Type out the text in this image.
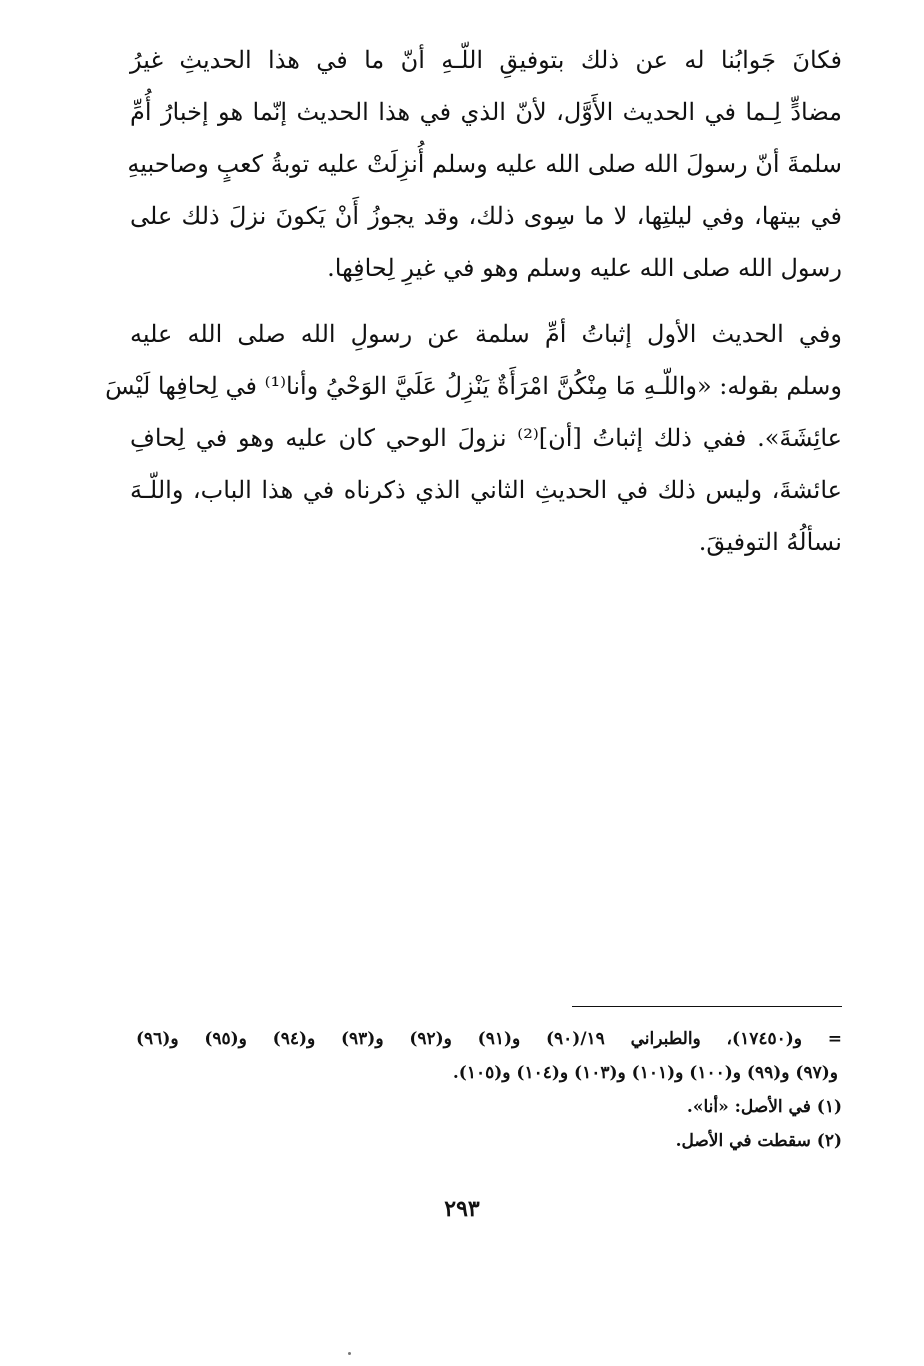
فكانَ جَوابُنا له عن ذلك بتوفيقِ اللّـهِ أنّ ما في هذا الحديثِ غيرُ
مضادٍّ لِـما في الحديث الأَوَّل، لأنّ الذي في هذا الحديث إنّما هو إخبارُ أُمِّ
سلمةَ أنّ رسولَ الله صلى الله عليه وسلم أُنزِلَتْ عليه توبةُ كعبٍ وصاحبيهِ
في بيتها، وفي ليلتِها، لا ما سِوى ذلك، وقد يجوزُ أَنْ يَكونَ نزلَ ذلك على
رسول الله صلى الله عليه وسلم وهو في غيرِ لِحافِها.
وفي الحديث الأول إثباتُ أمِّ سلمة عن رسولِ الله صلى الله عليه
وسلم بقوله: «واللّـهِ مَا مِنْكُنَّ امْرَأَةٌ يَنْزِلُ عَلَيَّ الوَحْيُ وأنا⁽¹⁾ في لِحافِها لَيْسَ
عائِشَةَ». ففي ذلك إثباتُ [أن]⁽²⁾ نزولَ الوحي كان عليه وهو في لِحافِ
عائشةَ، وليس ذلك في الحديثِ الثاني الذي ذكرناه في هذا الباب، واللّـهَ
نسألُهُ التوفيقَ.
= و(١٧٤٥٠)، والطبراني ١٩/(٩٠) و(٩١) و(٩٢) و(٩٣) و(٩٤) و(٩٥) و(٩٦)
و(٩٧) و(٩٩) و(١٠٠) و(١٠١) و(١٠٣) و(١٠٤) و(١٠٥).
(١) في الأصل: «أنا».
(٢) سقطت في الأصل.
٢٩٣
